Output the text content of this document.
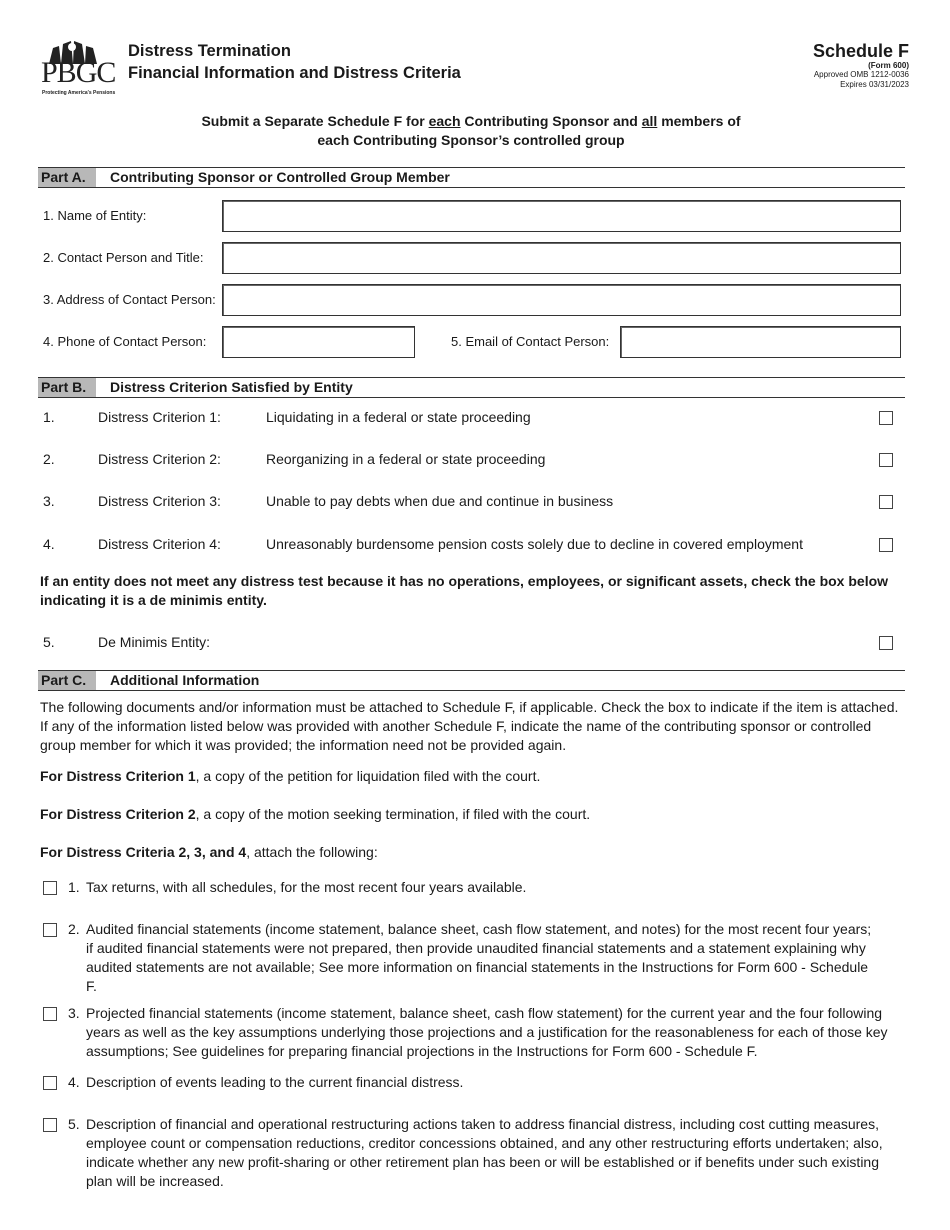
PBGC
Protecting America's Pensions
Distress Termination
Financial Information and Distress Criteria
Schedule F
(Form 600)
Approved OMB 1212-0036
Expires 03/31/2023
Submit a Separate Schedule F for each Contributing Sponsor and all members of
each Contributing Sponsor’s controlled group
Part A.	Contributing Sponsor or Controlled Group Member
1. Name of Entity:
2. Contact Person and Title:
3. Address of Contact Person:
4. Phone of Contact Person:	5. Email of Contact Person:
Part B.	Distress Criterion Satisfied by Entity
1.	Distress Criterion 1:	Liquidating in a federal or state proceeding
2.	Distress Criterion 2:	Reorganizing in a federal or state proceeding
3.	Distress Criterion 3:	Unable to pay debts when due and continue in business
4.	Distress Criterion 4:	Unreasonably burdensome pension costs solely due to decline in covered employment
If an entity does not meet any distress test because it has no operations, employees, or significant assets, check the box below indicating it is a de minimis entity.
5.	De Minimis Entity:
Part C.	Additional Information
The following documents and/or information must be attached to Schedule F, if applicable. Check the box to indicate if the item is attached. If any of the information listed below was provided with another Schedule F, indicate the name of the contributing sponsor or controlled group member for which it was provided; the information need not be provided again.
For Distress Criterion 1, a copy of the petition for liquidation filed with the court.
For Distress Criterion 2, a copy of the motion seeking termination, if filed with the court.
For Distress Criteria 2, 3, and 4, attach the following:
1. Tax returns, with all schedules, for the most recent four years available.
2. Audited financial statements (income statement, balance sheet, cash flow statement, and notes) for the most recent four years; if audited financial statements were not prepared, then provide unaudited financial statements and a statement explaining why audited statements are not available; See more information on financial statements in the Instructions for Form 600 - Schedule F.
3. Projected financial statements (income statement, balance sheet, cash flow statement) for the current year and the four following years as well as the key assumptions underlying those projections and a justification for the reasonableness for each of those key assumptions; See guidelines for preparing financial projections in the Instructions for Form 600 - Schedule F.
4. Description of events leading to the current financial distress.
5. Description of financial and operational restructuring actions taken to address financial distress, including cost cutting measures, employee count or compensation reductions, creditor concessions obtained, and any other restructuring efforts undertaken; also, indicate whether any new profit-sharing or other retirement plan has been or will be established or if benefits under such existing plan will be increased.
